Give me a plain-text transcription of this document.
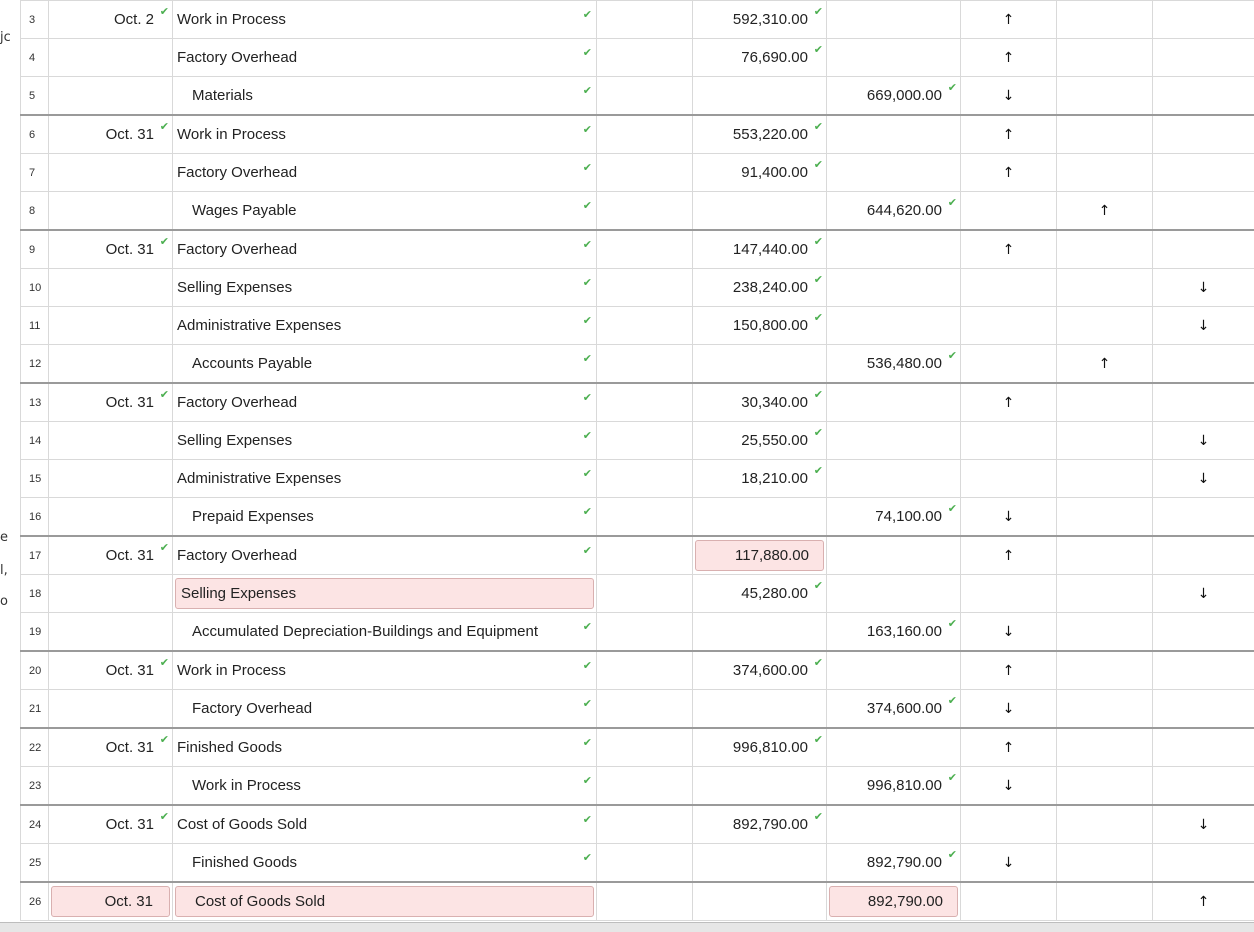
jc
e
l,
o
3	Oct. 2 ✔	Work in Process ✔		592,310.00 ✔		↑		
4		Factory Overhead ✔		76,690.00 ✔		↑		
5		Materials ✔			669,000.00 ✔	↓		
6	Oct. 31 ✔	Work in Process ✔		553,220.00 ✔		↑		
7		Factory Overhead ✔		91,400.00 ✔		↑		
8		Wages Payable ✔			644,620.00 ✔		↑	
9	Oct. 31 ✔	Factory Overhead ✔		147,440.00 ✔		↑		
10		Selling Expenses ✔		238,240.00 ✔				↓
11		Administrative Expenses ✔		150,800.00 ✔				↓
12		Accounts Payable ✔			536,480.00 ✔		↑	
13	Oct. 31 ✔	Factory Overhead ✔		30,340.00 ✔		↑		
14		Selling Expenses ✔		25,550.00 ✔				↓
15		Administrative Expenses ✔		18,210.00 ✔				↓
16		Prepaid Expenses ✔			74,100.00 ✔	↓		
17	Oct. 31 ✔	Factory Overhead ✔		117,880.00		↑		
18		Selling Expenses		45,280.00 ✔				↓
19		Accumulated Depreciation-Buildings and Equipment ✔			163,160.00 ✔	↓		
20	Oct. 31 ✔	Work in Process ✔		374,600.00 ✔		↑		
21		Factory Overhead ✔			374,600.00 ✔	↓		
22	Oct. 31 ✔	Finished Goods ✔		996,810.00 ✔		↑		
23		Work in Process ✔			996,810.00 ✔	↓		
24	Oct. 31 ✔	Cost of Goods Sold ✔		892,790.00 ✔				↓
25		Finished Goods ✔			892,790.00 ✔	↓		
26	Oct. 31	Cost of Goods Sold			892,790.00			↑
